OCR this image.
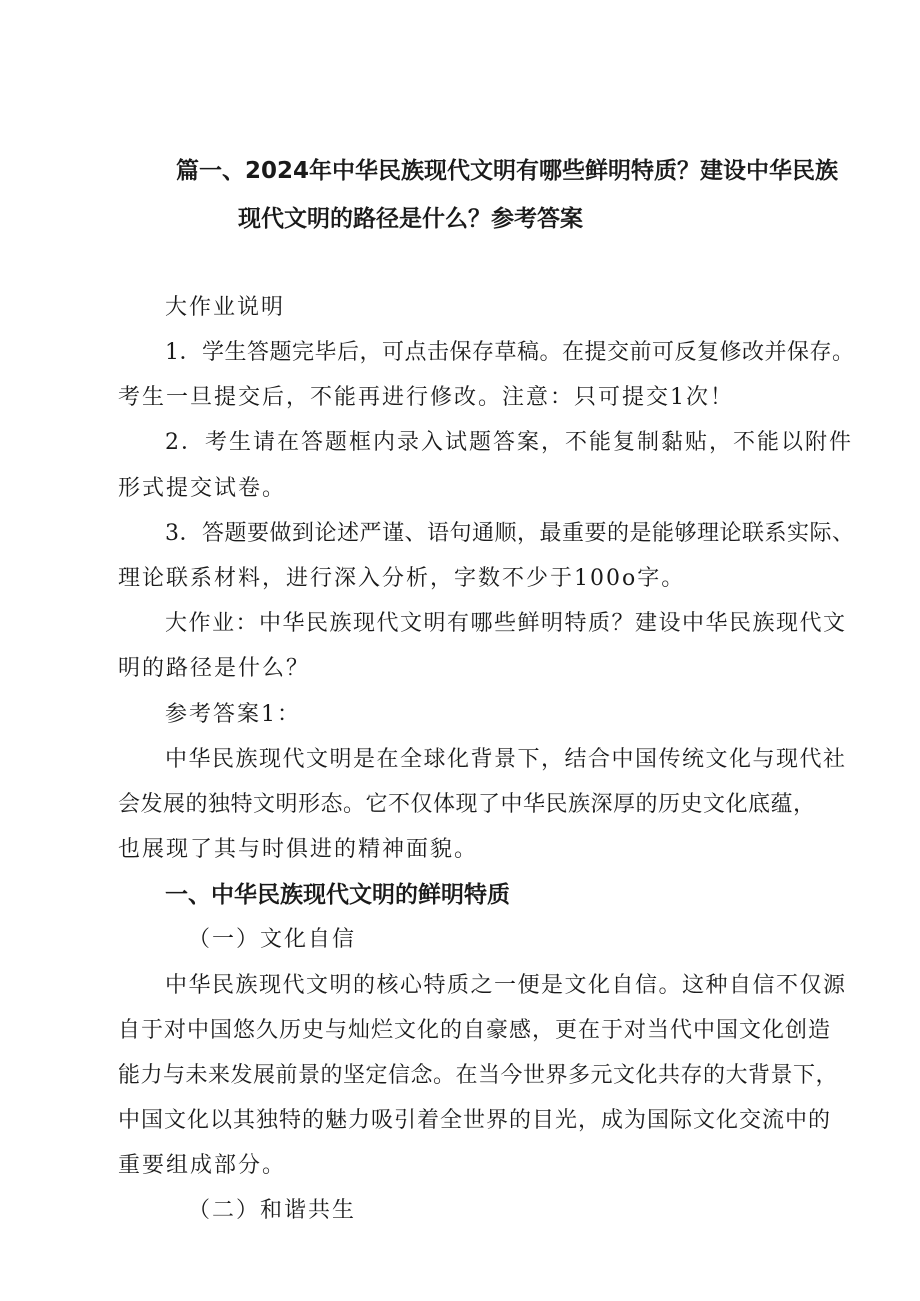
篇一、2024年中华民族现代文明有哪些鲜明特质？建设中华民族
现代文明的路径是什么？参考答案
大作业说明
1．学生答题完毕后，可点击保存草稿。在提交前可反复修改并保存。
考生一旦提交后，不能再进行修改。注意：只可提交1次！
2．考生请在答题框内录入试题答案，不能复制黏贴，不能以附件
形式提交试卷。
3．答题要做到论述严谨、语句通顺，最重要的是能够理论联系实际、
理论联系材料，进行深入分析，字数不少于100o字。
大作业：中华民族现代文明有哪些鲜明特质？建设中华民族现代文
明的路径是什么？
参考答案1：
中华民族现代文明是在全球化背景下，结合中国传统文化与现代社
会发展的独特文明形态。它不仅体现了中华民族深厚的历史文化底蕴，
也展现了其与时俱进的精神面貌。
一、中华民族现代文明的鲜明特质
（一）文化自信
中华民族现代文明的核心特质之一便是文化自信。这种自信不仅源
自于对中国悠久历史与灿烂文化的自豪感，更在于对当代中国文化创造
能力与未来发展前景的坚定信念。在当今世界多元文化共存的大背景下，
中国文化以其独特的魅力吸引着全世界的目光，成为国际文化交流中的
重要组成部分。
（二）和谐共生
